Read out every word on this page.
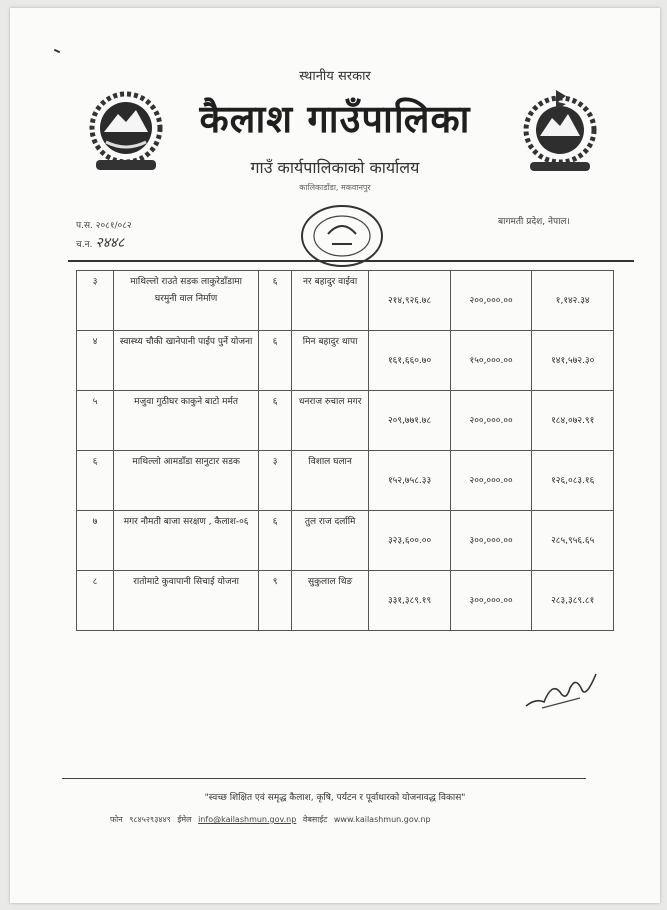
स्थानीय सरकार
कैलाश गाउँपालिका
गाउँ कार्यपालिकाको कार्यालय
कालिकाडाँडा, मकवानपुर
प.स. २०८१/०८२
च.न. २४४८
बागमती प्रदेश, नेपाल।
३	माथिल्लो राउते सडक लाकुरेडाँडामा घरमुनी वाल निर्माण	६	नर बहादुर वाईवा	२१४,९२६.७८	२००,०००.००	१,१४२.३४
४	स्वास्थ्य चौकी खानेपानी पाईप पुर्ने योजना	६	मिन बहादुर थापा	१६१,६६०.७०	१५०,०००.००	१४१,५७२.३०
५	मजुवा गुठीघर काकुने बाटो मर्मत	६	धनराज रुचाल मगर	२०९,७७१.७८	२००,०००.००	१८४,०७२.९१
६	माथिल्लो आमडाँडा सानुटार सडक	३	विशाल घलान	१५२,७५८.३३	२००,०००.००	१२६,०८३.१६
७	मगर नौमती बाजा सरक्षण , कैलाश-०६	६	तुल राज दर्लामि	३२३,६००.००	३००,०००.००	२८५,९५६.६५
८	रातोमाटे कुवापानी सिचाई योजना	९	सुकुलाल थिङ	३३१,३८९.१९	३००,०००.००	२८३,३८९.८१
"स्वच्छ शिक्षित एवं समृद्ध कैलाश, कृषि, पर्यटन र पूर्वाधारको योजनावद्ध विकास"
फोन ९८४५२९३४४९ ईमेल info@kailashmun.gov.np वेबसाईट www.kailashmun.gov.np
